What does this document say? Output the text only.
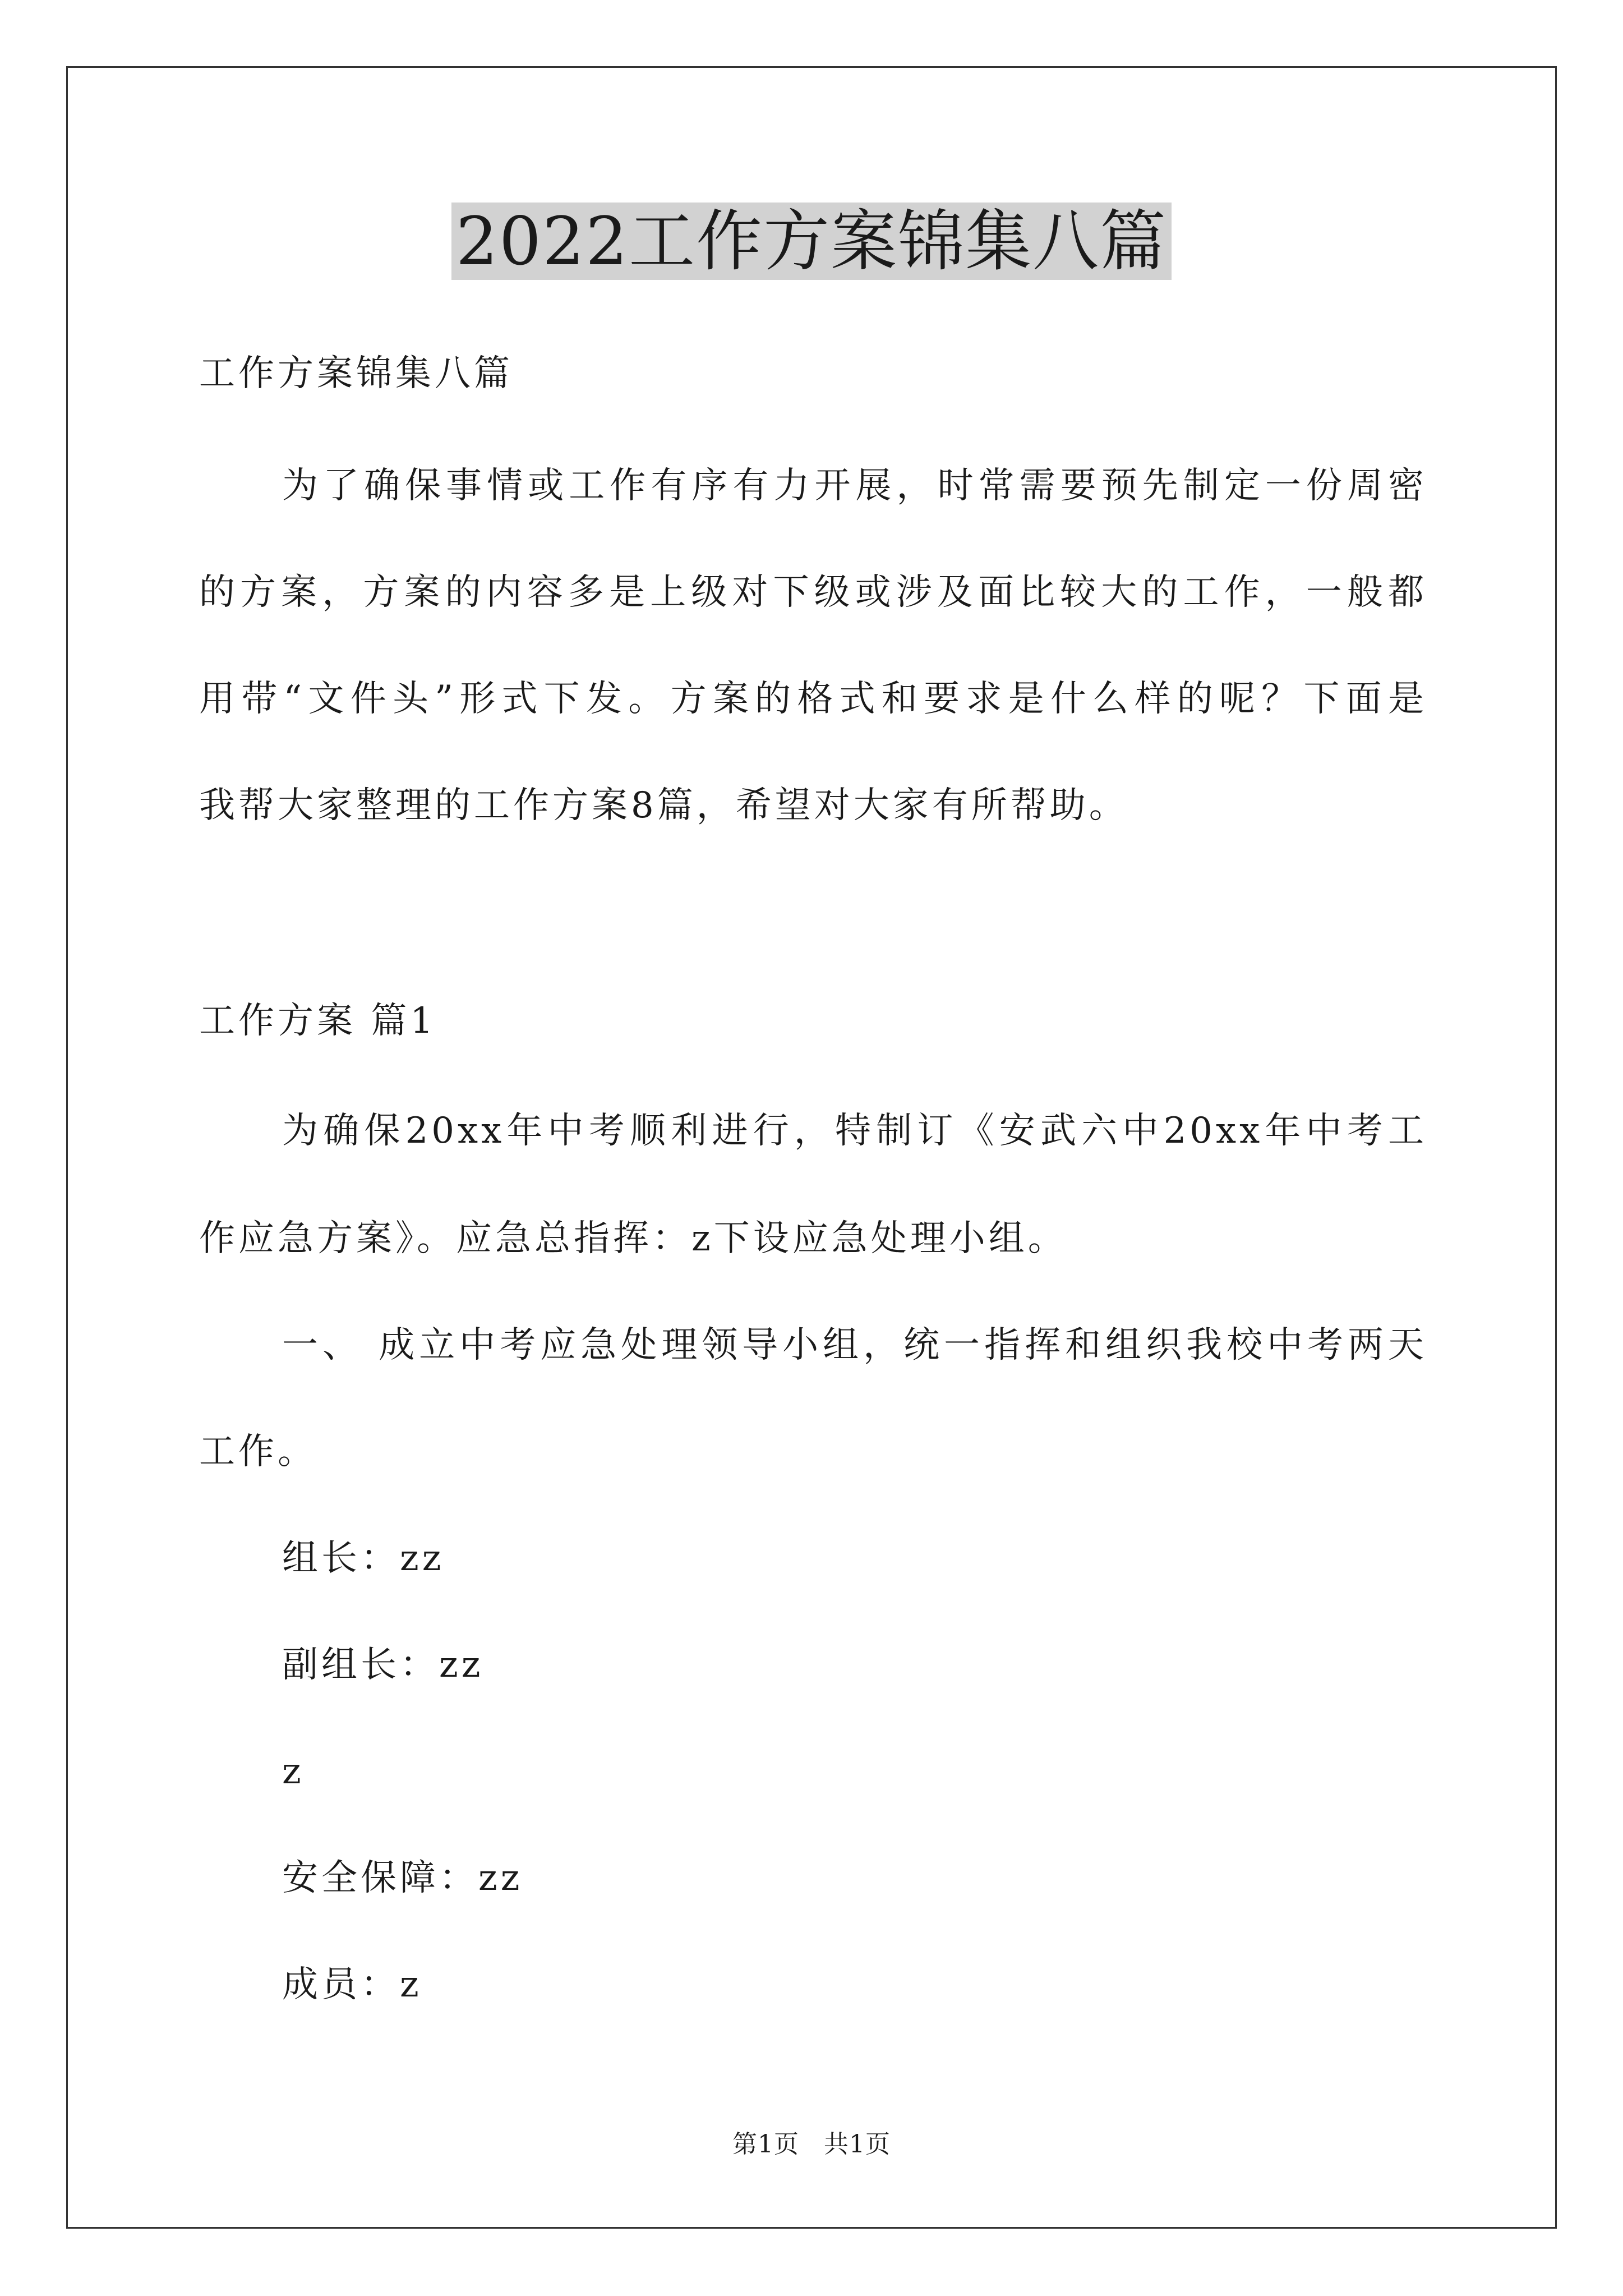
2022工作方案锦集八篇
工作方案锦集八篇
为了确保事情或工作有序有力开展，时常需要预先制定一份周密
的方案，方案的内容多是上级对下级或涉及面比较大的工作，一般都
用带“文件头”形式下发。方案的格式和要求是什么样的呢？下面是
我帮大家整理的工作方案8篇，希望对大家有所帮助。
工作方案 篇1
为确保20xx年中考顺利进行，特制订《安武六中20xx年中考工
作应急方案》。应急总指挥：z下设应急处理小组。
一、 成立中考应急处理领导小组，统一指挥和组织我校中考两天
工作。
组长：zz
副组长：zz
z
安全保障：zz
成员：z
第1页 共1页
